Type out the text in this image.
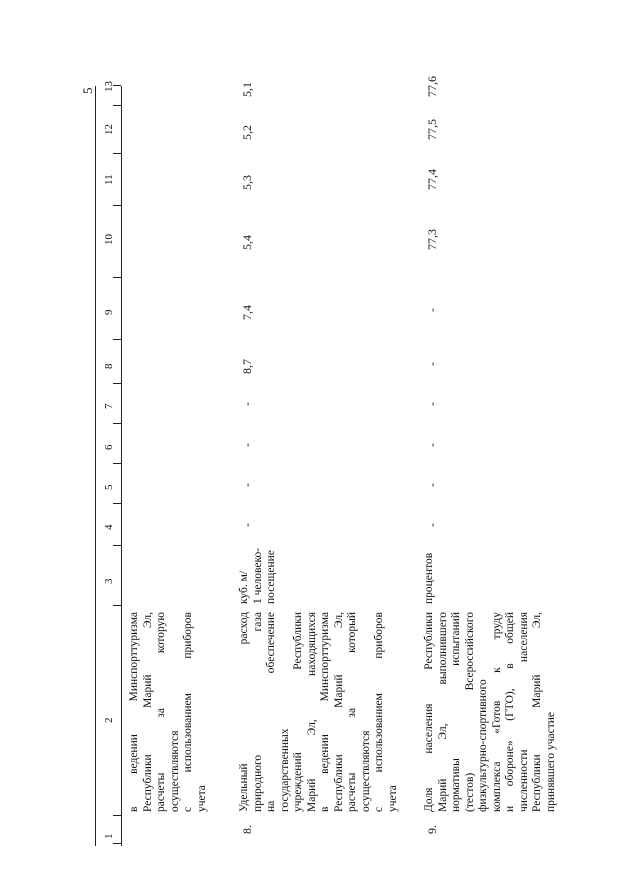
5
1
2
3
4
5
6
7
8
9
10
11
12
13
в ведении Минспорттуризма Республики Марий Эл, расчеты за которую осуществляются с использованием приборов учета
8.
Удельный расход природного газа на обеспечение государственных учреждений Республики Марий Эл, находящихся в ведении Минспорттуризма Республики Марий Эл, расчеты за который осуществляются с использованием приборов учета
куб. м/ 1 человеко- посещение
-
-
-
-
8,7
7,4
5,4
5,3
5,2
5,1
9.
Доля населения Республики Марий Эл, выполнившего нормативы испытаний (тестов) Всероссийского физкультурно-спортивного комплекса «Готов к труду и обороне» (ГТО), в общей численности населения Республики Марий Эл, принявшего участие
процентов
-
-
-
-
-
-
77,3
77,4
77,5
77,6
